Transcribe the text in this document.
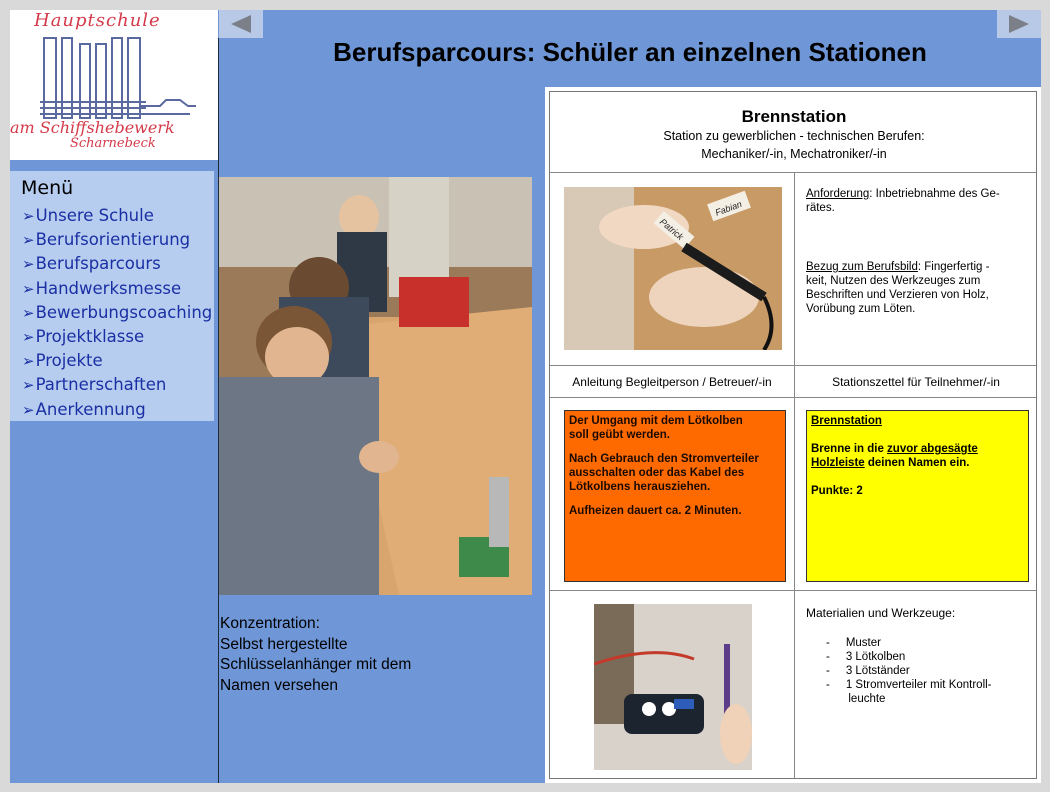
Hauptschule
am Schiffshebewerk
Scharnebeck
Menü
➢Unsere Schule
➢Berufsorientierung
➢Berufsparcours
➢Handwerksmesse
➢Bewerbungscoaching
➢Projektklasse
➢Projekte
➢Partnerschaften
➢Anerkennung
Berufsparcours: Schüler an einzelnen Stationen
Konzentration:
Selbst hergestellte
Schlüsselanhänger mit dem
Namen versehen
Brennstation
Station zu gewerblichen - technischen Berufen:
Mechaniker/-in, Mechatroniker/-in
Fabian
Patrick
Anforderung: Inbetriebnahme des Ge-
rätes.
Bezug zum Berufsbild: Fingerfertig -
keit, Nutzen des Werkzeuges zum
Beschriften und Verzieren von Holz,
Vorübung zum Löten.
Anleitung Begleitperson / Betreuer/-in	Stationszettel für Teilnehmer/-in
Der Umgang mit dem Lötkolben
soll geübt werden.
Nach Gebrauch den Stromverteiler
ausschalten oder das Kabel des
Lötkolbens herausziehen.
Aufheizen dauert ca. 2 Minuten.
Brennstation
Brenne in die zuvor abgesägte
Holzleiste deinen Namen ein.
Punkte: 2
Materialien und Werkzeuge:
-     Muster
-     3 Lötkolben
-     3 Lötständer
-     1 Stromverteiler mit Kontroll-
leuchte
